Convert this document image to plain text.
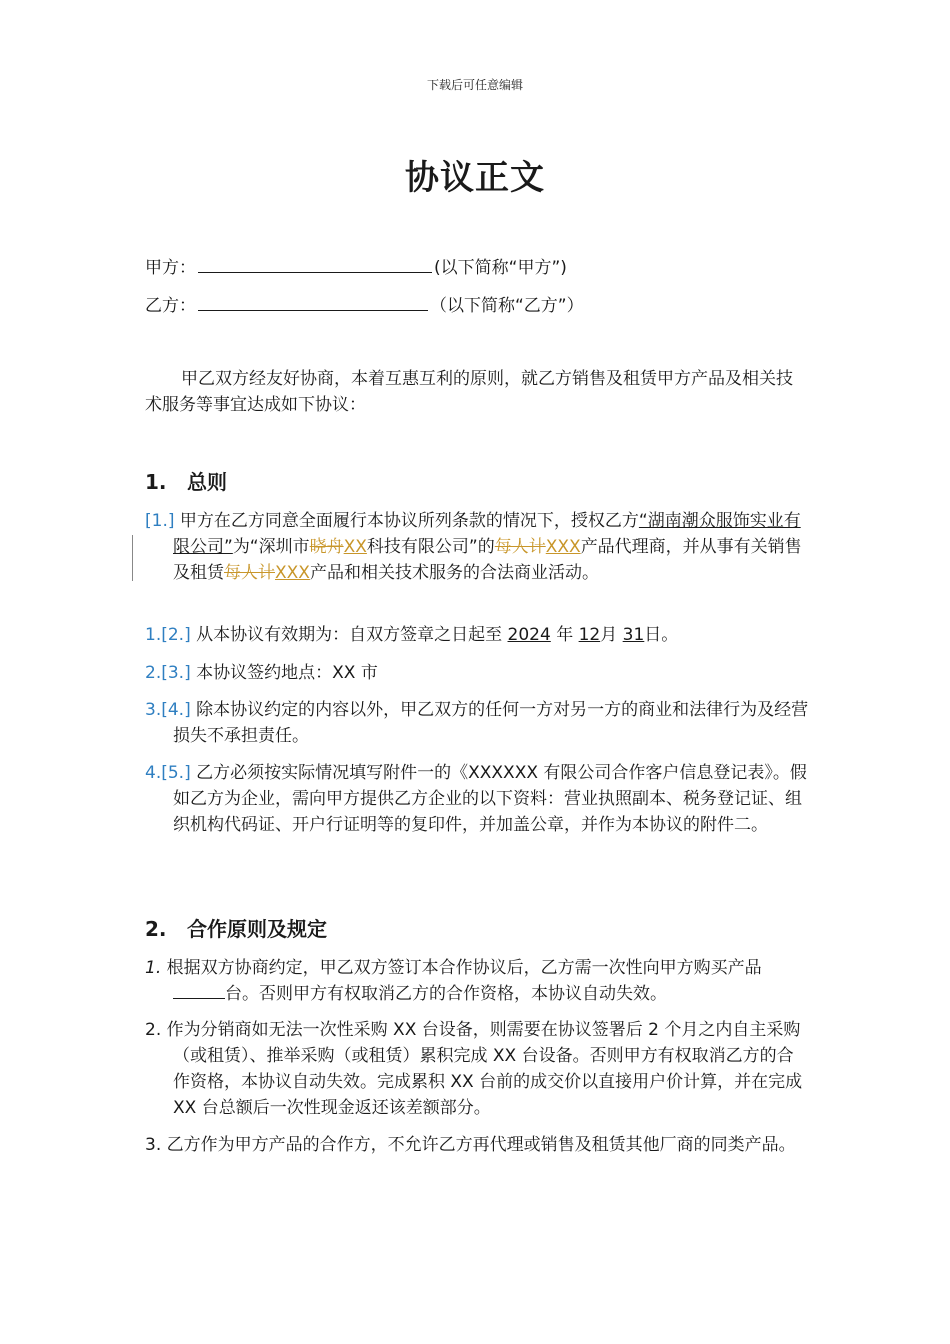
下载后可任意编辑
协议正文
甲方：	(以下简称“甲方”)
乙方：	（以下简称“乙方”）
甲乙双方经友好协商，本着互惠互利的原则，就乙方销售及租赁甲方产品及相关技术服务等事宜达成如下协议：
1. 总则
[1.] 甲方在乙方同意全面履行本协议所列条款的情况下，授权乙方“湖南潮众服饰实业有限公司”为“深圳市晓舟XX科技有限公司”的每人计XXX产品代理商，并从事有关销售及租赁每人计XXX产品和相关技术服务的合法商业活动。
1.[2.] 从本协议有效期为：自双方签章之日起至 2024 年 12月 31日。
2.[3.] 本协议签约地点：XX 市
3.[4.] 除本协议约定的内容以外，甲乙双方的任何一方对另一方的商业和法律行为及经营损失不承担责任。
4.[5.] 乙方必须按实际情况填写附件一的《XXXXXX 有限公司合作客户信息登记表》。假如乙方为企业，需向甲方提供乙方企业的以下资料：营业执照副本、税务登记证、组织机构代码证、开户行证明等的复印件，并加盖公章，并作为本协议的附件二。
2. 合作原则及规定
1. 根据双方协商约定，甲乙双方签订本合作协议后，乙方需一次性向甲方购买产品台。否则甲方有权取消乙方的合作资格，本协议自动失效。
2. 作为分销商如无法一次性采购 XX 台设备，则需要在协议签署后 2 个月之内自主采购（或租赁）、推举采购（或租赁）累积完成 XX 台设备。否则甲方有权取消乙方的合作资格，本协议自动失效。完成累积 XX 台前的成交价以直接用户价计算，并在完成 XX 台总额后一次性现金返还该差额部分。
3. 乙方作为甲方产品的合作方，不允许乙方再代理或销售及租赁其他厂商的同类产品。
